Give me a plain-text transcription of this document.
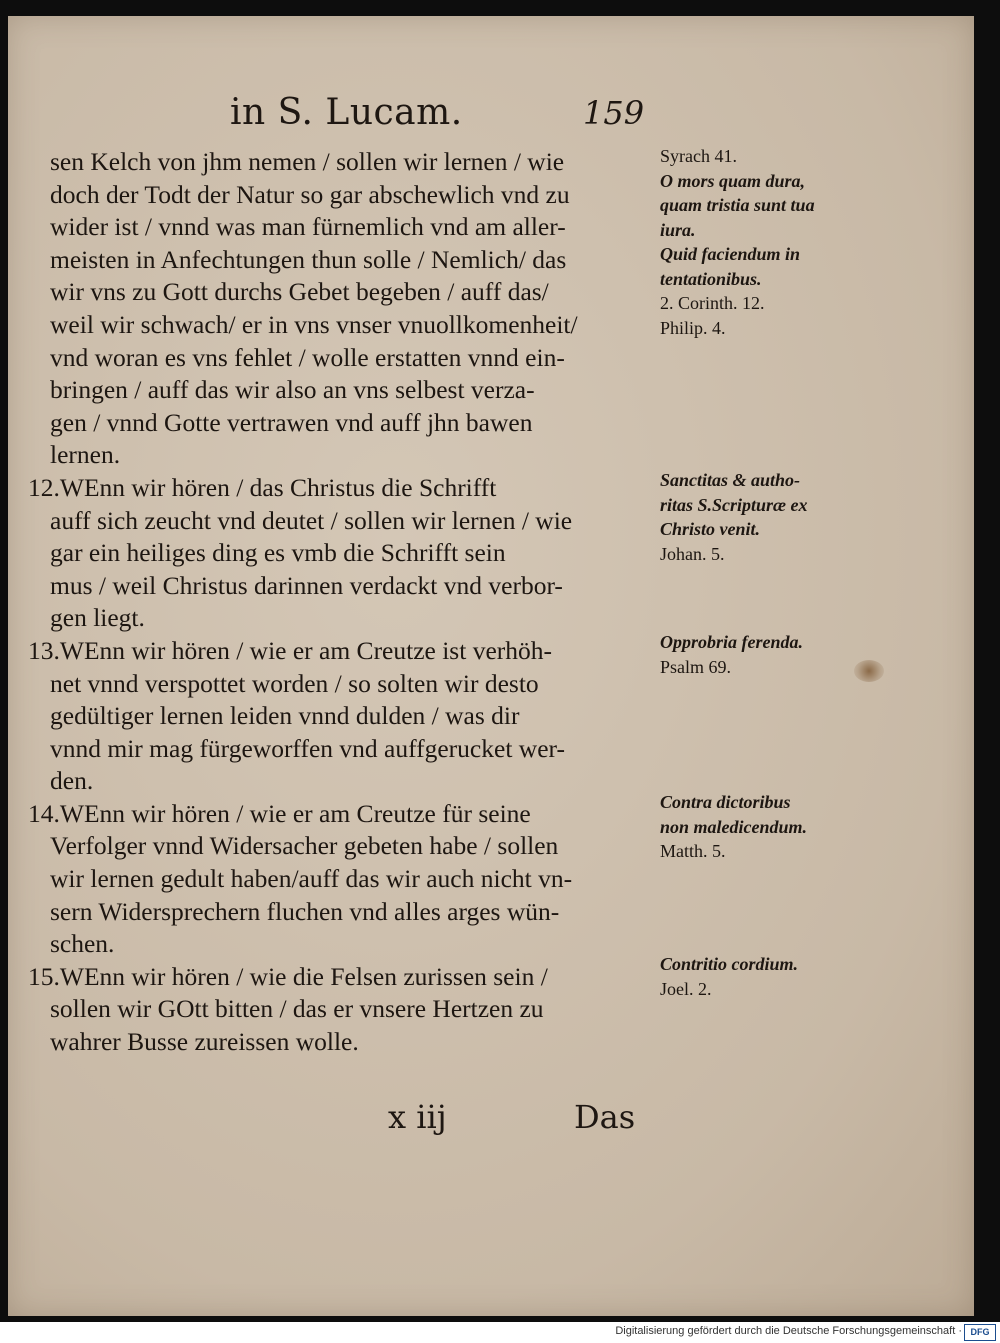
in S. Lucam.	159
sen Kelch von jhm nemen / sollen wir lernen / wie
doch der Todt der Natur so gar abschewlich vnd zu
wider ist / vnnd was man fürnemlich vnd am aller-
meisten in Anfechtungen thun solle / Nemlich/ das
wir vns zu Gott durchs Gebet begeben / auff das/
weil wir schwach/ er in vns vnser vnuollkomenheit/
vnd woran es vns fehlet / wolle erstatten vnnd ein-
bringen / auff das wir also an vns selbest verza-
gen / vnnd Gotte vertrawen vnd auff jhn bawen
lernen.
12.WEnn wir hören / das Christus die Schrifft
auff sich zeucht vnd deutet / sollen wir lernen / wie
gar ein heiliges ding es vmb die Schrifft sein
mus / weil Christus darinnen verdackt vnd verbor-
gen liegt.
13.WEnn wir hören / wie er am Creutze ist verhöh-
net vnnd verspottet worden / so solten wir desto
gedültiger lernen leiden vnnd dulden / was dir
vnnd mir mag fürgeworffen vnd auffgerucket wer-
den.
14.WEnn wir hören / wie er am Creutze für seine
Verfolger vnnd Widersacher gebeten habe / sollen
wir lernen gedult haben/auff das wir auch nicht vn-
sern Widersprechern fluchen vnd alles arges wün-
schen.
15.WEnn wir hören / wie die Felsen zurissen sein /
sollen wir GOtt bitten / das er vnsere Hertzen zu
wahrer Busse zureissen wolle.
Syrach 41.
O mors quam dura,
quam tristia sunt tua
iura.
Quid faciendum in
tentationibus.
2. Corinth. 12.
Philip. 4.
Sanctitas & autho-
ritas S.Scripturæ ex
Christo venit.
Johan. 5.
Opprobria ferenda.
Psalm 69.
Contra dictoribus
non maledicendum.
Matth. 5.
Contritio cordium.
Joel. 2.
x iij	Das
Digitalisierung gefördert durch die Deutsche Forschungsgemeinschaft · DFG
